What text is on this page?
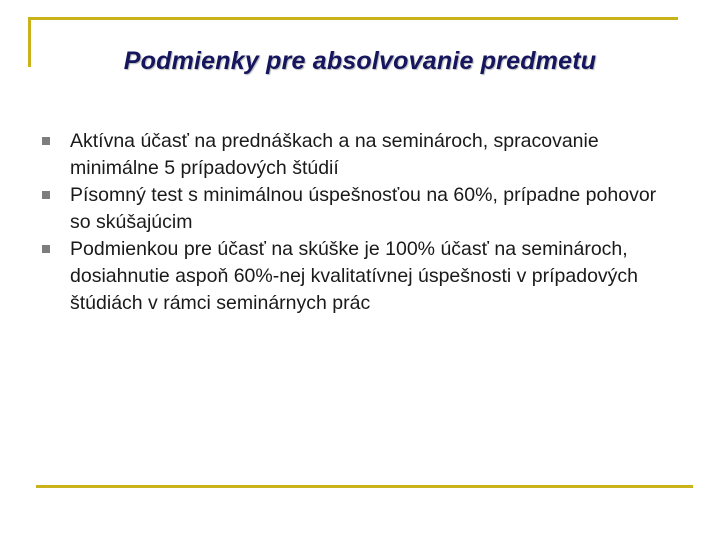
Podmienky pre absolvovanie predmetu
Aktívna účasť na prednáškach a na seminároch, spracovanie minimálne 5 prípadových štúdií
Písomný test s minimálnou úspešnosťou na 60%, prípadne pohovor so skúšajúcim
Podmienkou pre účasť na skúške je 100% účasť na seminároch, dosiahnutie aspoň 60%-nej kvalitatívnej úspešnosti v prípadových štúdiách v rámci seminárnych prác
